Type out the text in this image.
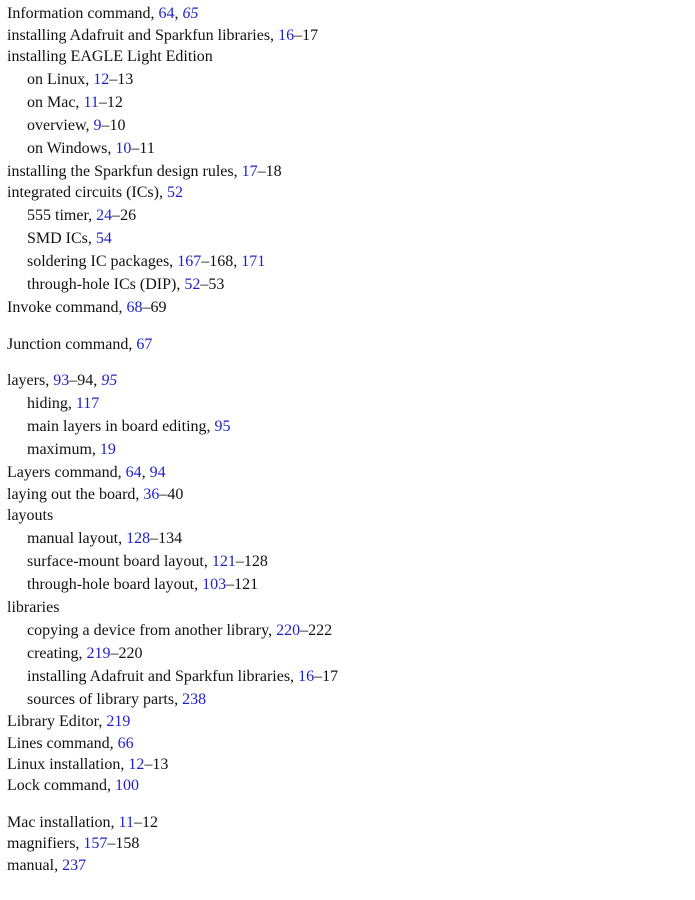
Information command, 64, 65
installing Adafruit and Sparkfun libraries, 16–17
installing EAGLE Light Edition
on Linux, 12–13
on Mac, 11–12
overview, 9–10
on Windows, 10–11
installing the Sparkfun design rules, 17–18
integrated circuits (ICs), 52
555 timer, 24–26
SMD ICs, 54
soldering IC packages, 167–168, 171
through-hole ICs (DIP), 52–53
Invoke command, 68–69
Junction command, 67
layers, 93–94, 95
hiding, 117
main layers in board editing, 95
maximum, 19
Layers command, 64, 94
laying out the board, 36–40
layouts
manual layout, 128–134
surface-mount board layout, 121–128
through-hole board layout, 103–121
libraries
copying a device from another library, 220–222
creating, 219–220
installing Adafruit and Sparkfun libraries, 16–17
sources of library parts, 238
Library Editor, 219
Lines command, 66
Linux installation, 12–13
Lock command, 100
Mac installation, 11–12
magnifiers, 157–158
manual, 237
